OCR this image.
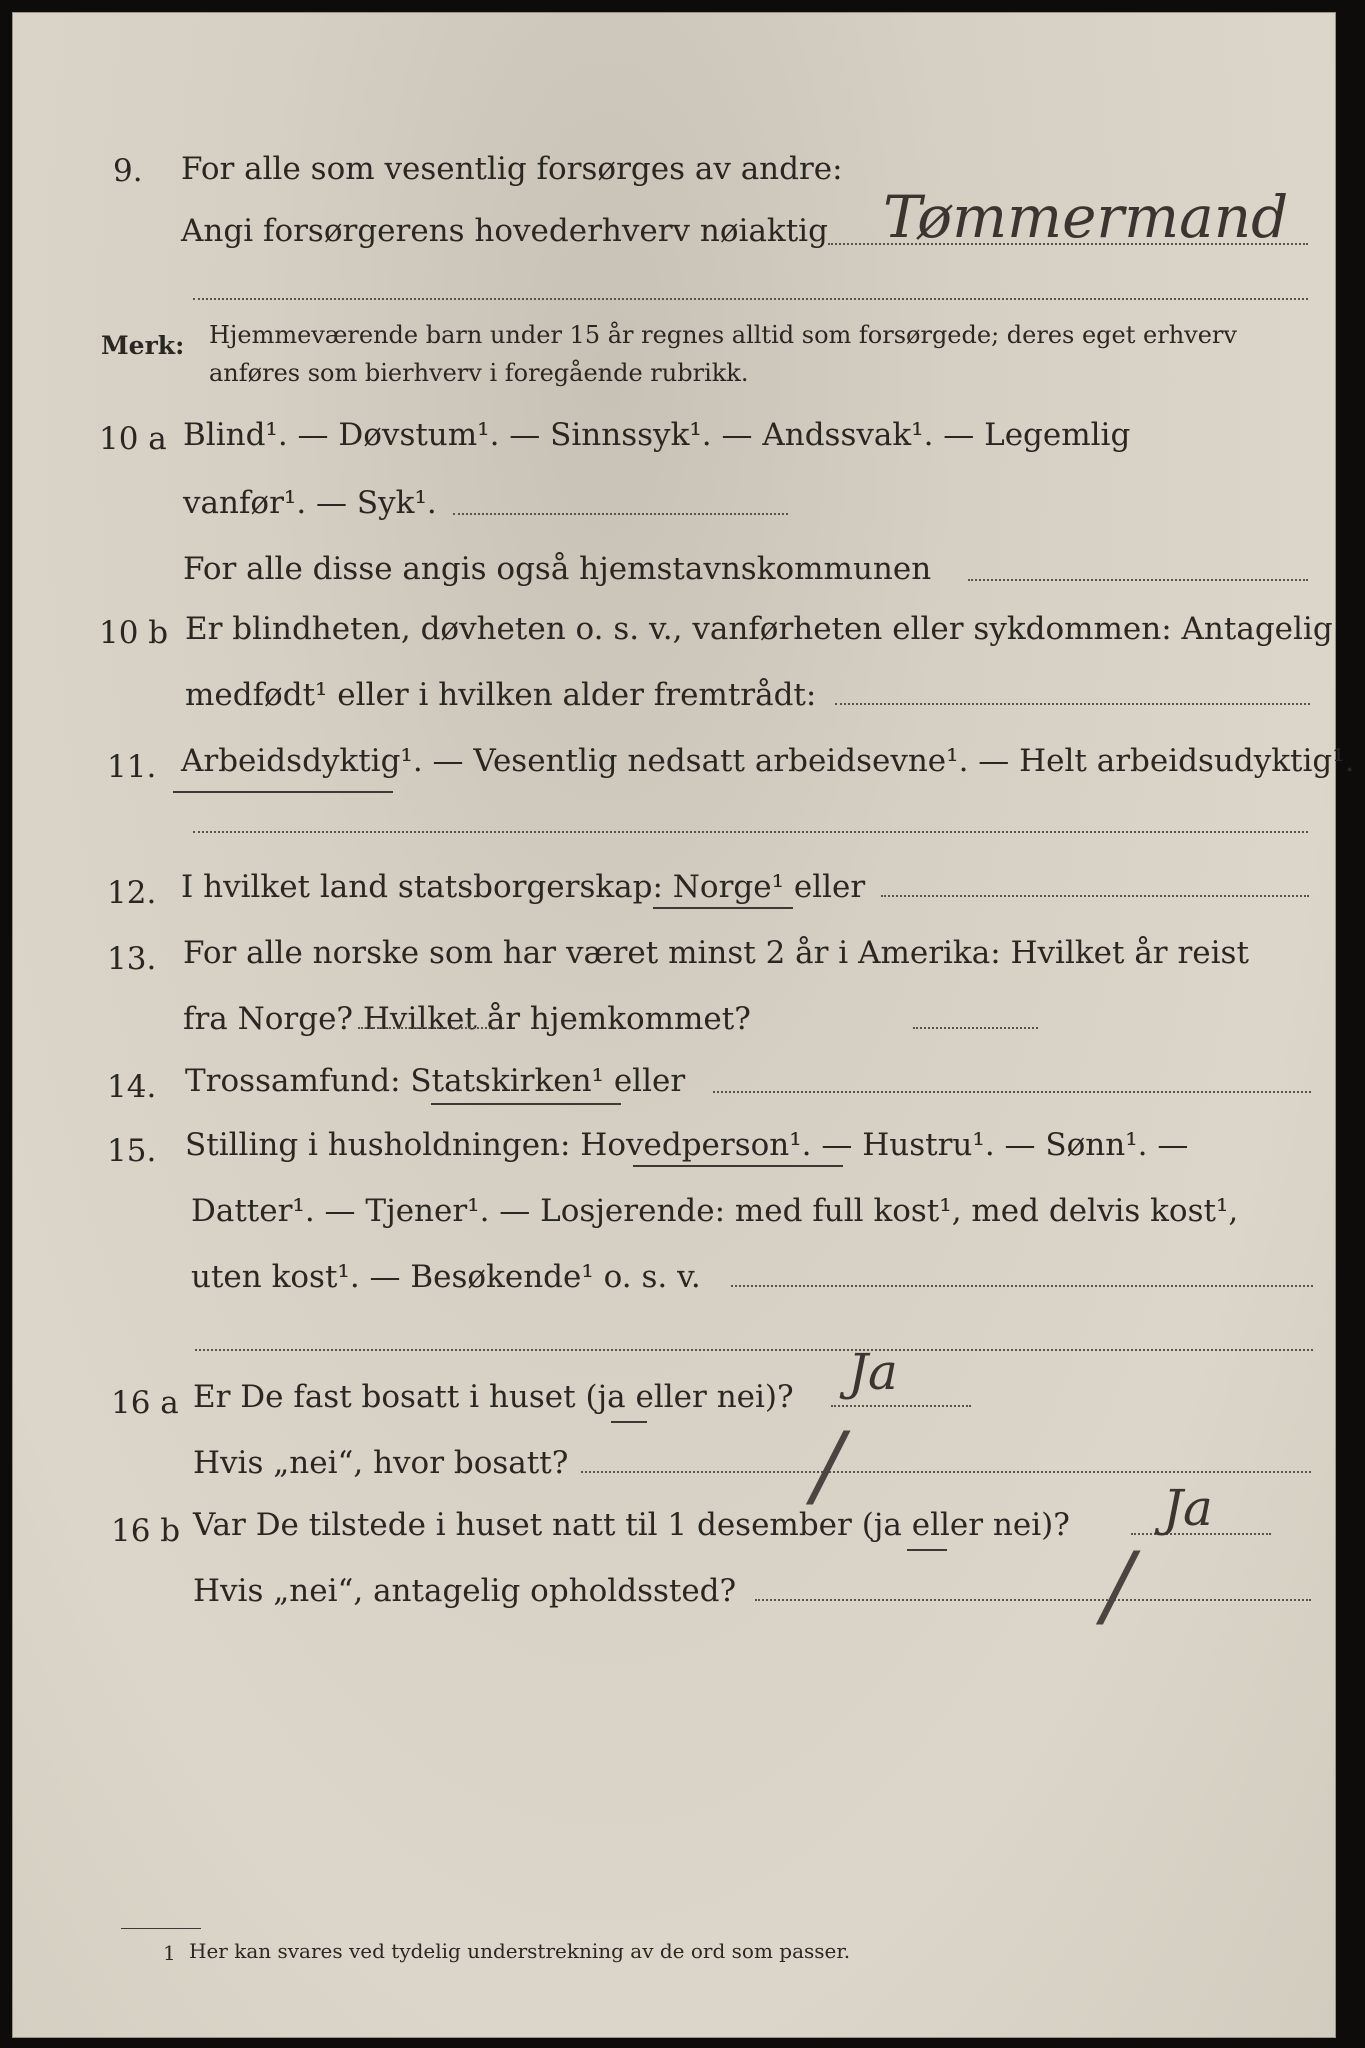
9. For alle som vesentlig forsørges av andre:
Angi forsørgerens hovederhverv nøiaktig Tømmermand
Merk: Hjemmeværende barn under 15 år regnes alltid som forsørgede; deres eget erhverv
anføres som bierhverv i foregående rubrikk.
10 a Blind¹. — Døvstum¹. — Sinnssyk¹. — Andssvak¹. — Legemlig
vanfør¹. — Syk¹.
For alle disse angis også hjemstavnskommunen
10 b Er blindheten, døvheten o. s. v., vanførheten eller sykdommen: Antagelig
medfødt¹ eller i hvilken alder fremtrådt:
11. Arbeidsdyktig¹. — Vesentlig nedsatt arbeidsevne¹. — Helt arbeidsudyktig¹.
12. I hvilket land statsborgerskap: Norge¹ eller
13. For alle norske som har været minst 2 år i Amerika: Hvilket år reist
fra Norge? Hvilket år hjemkommet?
14. Trossamfund: Statskirken¹ eller
15. Stilling i husholdningen: Hovedperson¹. — Hustru¹. — Sønn¹. —
Datter¹. — Tjener¹. — Losjerende: med full kost¹, med delvis kost¹,
uten kost¹. — Besøkende¹ o. s. v.
16 a Er De fast bosatt i huset (ja eller nei)? Ja
Hvis „nei“, hvor bosatt?	/
16 b Var De tilstede i huset natt til 1 desember (ja eller nei)? Ja
Hvis „nei“, antagelig opholdssted?	/
1 Her kan svares ved tydelig understrekning av de ord som passer.
